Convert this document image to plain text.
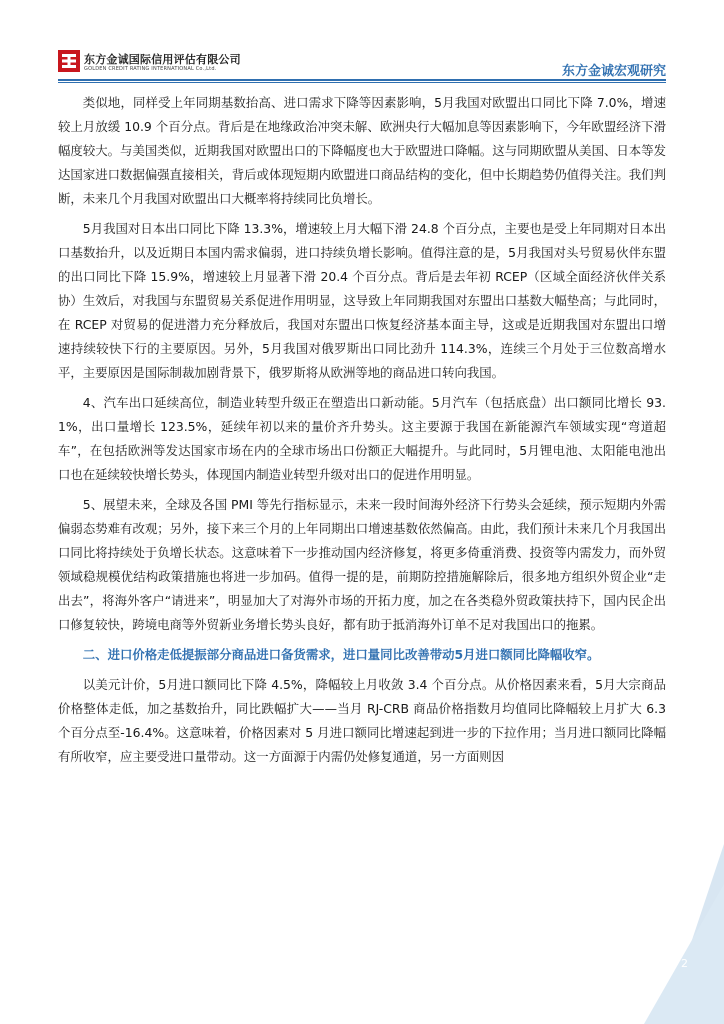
东方金诚国际信用评估有限公司
GOLDEN CREDIT RATING INTERNATIONAL Co.,Ltd.	东方金诚宏观研究

类似地，同样受上年同期基数抬高、进口需求下降等因素影响，5月我国对欧盟出口同比下降 7.0%，增速较上月放缓 10.9 个百分点。背后是在地缘政治冲突未解、欧洲央行大幅加息等因素影响下，今年欧盟经济下滑幅度较大。与美国类似，近期我国对欧盟出口的下降幅度也大于欧盟进口降幅。这与同期欧盟从美国、日本等发达国家进口数据偏强直接相关，背后或体现短期内欧盟进口商品结构的变化，但中长期趋势仍值得关注。我们判断，未来几个月我国对欧盟出口大概率将持续同比负增长。

5月我国对日本出口同比下降 13.3%，增速较上月大幅下滑 24.8 个百分点，主要也是受上年同期对日本出口基数抬升，以及近期日本国内需求偏弱，进口持续负增长影响。值得注意的是，5月我国对头号贸易伙伴东盟的出口同比下降 15.9%，增速较上月显著下滑 20.4 个百分点。背后是去年初 RCEP（区域全面经济伙伴关系协）生效后，对我国与东盟贸易关系促进作用明显，这导致上年同期我国对东盟出口基数大幅垫高；与此同时，在 RCEP 对贸易的促进潜力充分释放后，我国对东盟出口恢复经济基本面主导，这或是近期我国对东盟出口增速持续较快下行的主要原因。另外，5月我国对俄罗斯出口同比劲升 114.3%，连续三个月处于三位数高增水平，主要原因是国际制裁加剧背景下，俄罗斯将从欧洲等地的商品进口转向我国。

4、汽车出口延续高位，制造业转型升级正在塑造出口新动能。5月汽车（包括底盘）出口额同比增长 93.1%，出口量增长 123.5%，延续年初以来的量价齐升势头。这主要源于我国在新能源汽车领域实现“弯道超车”，在包括欧洲等发达国家市场在内的全球市场出口份额正大幅提升。与此同时，5月锂电池、太阳能电池出口也在延续较快增长势头，体现国内制造业转型升级对出口的促进作用明显。

5、展望未来，全球及各国 PMI 等先行指标显示，未来一段时间海外经济下行势头会延续，预示短期内外需偏弱态势难有改观；另外，接下来三个月的上年同期出口增速基数依然偏高。由此，我们预计未来几个月我国出口同比将持续处于负增长状态。这意味着下一步推动国内经济修复，将更多倚重消费、投资等内需发力，而外贸领域稳规模优结构政策措施也将进一步加码。值得一提的是，前期防控措施解除后，很多地方组织外贸企业“走出去”，将海外客户“请进来”，明显加大了对海外市场的开拓力度，加之在各类稳外贸政策扶持下，国内民企出口修复较快，跨境电商等外贸新业务增长势头良好，都有助于抵消海外订单不足对我国出口的拖累。

二、进口价格走低提振部分商品进口备货需求，进口量同比改善带动5月进口额同比降幅收窄。

以美元计价，5月进口额同比下降 4.5%，降幅较上月收敛 3.4 个百分点。从价格因素来看，5月大宗商品价格整体走低，加之基数抬升，同比跌幅扩大——当月 RJ-CRB 商品价格指数月均值同比降幅较上月扩大 6.3 个百分点至-16.4%。这意味着，价格因素对 5 月进口额同比增速起到进一步的下拉作用；当月进口额同比降幅有所收窄，应主要受进口量带动。这一方面源于内需仍处修复通道，另一方面则因

2
